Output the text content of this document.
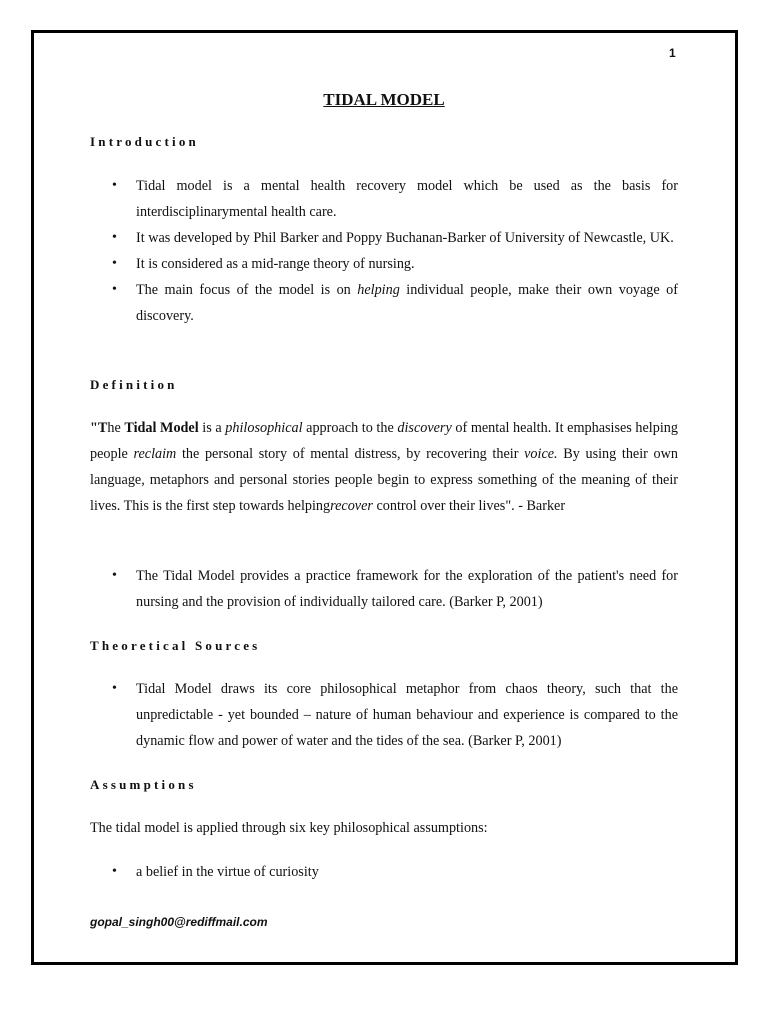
1
TIDAL MODEL
Introduction
• Tidal model is a mental health recovery model which be used as the basis for interdisciplinarymental health care.
• It was developed by Phil Barker and Poppy Buchanan-Barker of University of Newcastle, UK.
• It is considered as a mid-range theory of nursing.
• The main focus of the model is on helping individual people, make their own voyage of discovery.
Definition

"The Tidal Model is a philosophical approach to the discovery of mental health. It emphasises helping people reclaim the personal story of mental distress, by recovering their voice. By using their own language, metaphors and personal stories people begin to express something of the meaning of their lives. This is the first step towards helpingrecover control over their lives". - Barker

• The Tidal Model provides a practice framework for the exploration of the patient's need for nursing and the provision of individually tailored care. (Barker P, 2001)
Theoretical Sources
• Tidal Model draws its core philosophical metaphor from chaos theory, such that the unpredictable - yet bounded – nature of human behaviour and experience is compared to the dynamic flow and power of water and the tides of the sea. (Barker P, 2001)
Assumptions

The tidal model is applied through six key philosophical assumptions:

• a belief in the virtue of curiosity
gopal_singh00@rediffmail.com
